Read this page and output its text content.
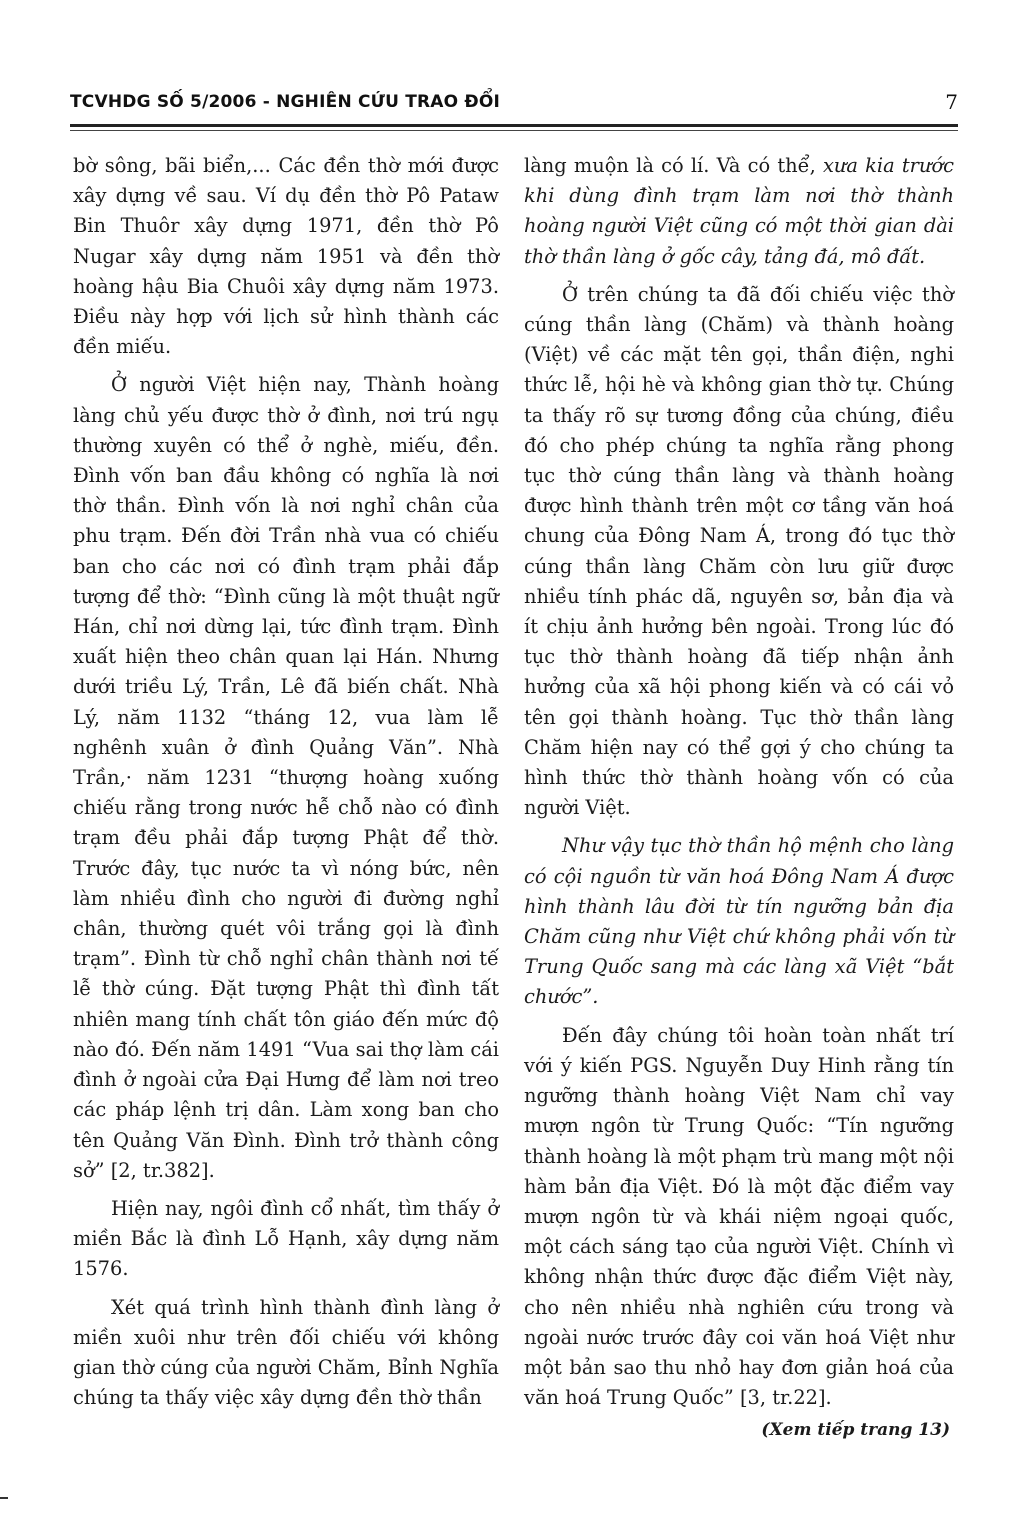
TCVHDG SỐ 5/2006 - NGHIÊN CỨU TRAO ĐỔI	7

bờ sông, bãi biển,... Các đền thờ mới được xây dựng về sau. Ví dụ đền thờ Pô Pataw Bin Thuôr xây dựng 1971, đền thờ Pô Nugar xây dựng năm 1951 và đền thờ hoàng hậu Bia Chuôi xây dựng năm 1973. Điều này hợp với lịch sử hình thành các đền miếu.

Ở người Việt hiện nay, Thành hoàng làng chủ yếu được thờ ở đình, nơi trú ngụ thường xuyên có thể ở nghè, miếu, đền. Đình vốn ban đầu không có nghĩa là nơi thờ thần. Đình vốn là nơi nghỉ chân của phu trạm. Đến đời Trần nhà vua có chiếu ban cho các nơi có đình trạm phải đắp tượng để thờ: “Đình cũng là một thuật ngữ Hán, chỉ nơi dừng lại, tức đình trạm. Đình xuất hiện theo chân quan lại Hán. Nhưng dưới triều Lý, Trần, Lê đã biến chất. Nhà Lý, năm 1132 “tháng 12, vua làm lễ nghênh xuân ở đình Quảng Văn”. Nhà Trần,· năm 1231 “thượng hoàng xuống chiếu rằng trong nước hễ chỗ nào có đình trạm đều phải đắp tượng Phật để thờ. Trước đây, tục nước ta vì nóng bức, nên làm nhiều đình cho người đi đường nghỉ chân, thường quét vôi trắng gọi là đình trạm”. Đình từ chỗ nghỉ chân thành nơi tế lễ thờ cúng. Đặt tượng Phật thì đình tất nhiên mang tính chất tôn giáo đến mức độ nào đó. Đến năm 1491 “Vua sai thợ làm cái đình ở ngoài cửa Đại Hưng để làm nơi treo các pháp lệnh trị dân. Làm xong ban cho tên Quảng Văn Đình. Đình trở thành công sở” [2, tr.382].

Hiện nay, ngôi đình cổ nhất, tìm thấy ở miền Bắc là đình Lỗ Hạnh, xây dựng năm 1576.

Xét quá trình hình thành đình làng ở miền xuôi như trên đối chiếu với không gian thờ cúng của người Chăm, Bỉnh Nghĩa chúng ta thấy việc xây dựng đền thờ thần

làng muộn là có lí. Và có thể, xưa kia trước khi dùng đình trạm làm nơi thờ thành hoàng người Việt cũng có một thời gian dài thờ thần làng ở gốc cây, tảng đá, mô đất.

Ở trên chúng ta đã đối chiếu việc thờ cúng thần làng (Chăm) và thành hoàng (Việt) về các mặt tên gọi, thần điện, nghi thức lễ, hội hè và không gian thờ tự. Chúng ta thấy rõ sự tương đồng của chúng, điều đó cho phép chúng ta nghĩa rằng phong tục thờ cúng thần làng và thành hoàng được hình thành trên một cơ tầng văn hoá chung của Đông Nam Á, trong đó tục thờ cúng thần làng Chăm còn lưu giữ được nhiều tính phác dã, nguyên sơ, bản địa và ít chịu ảnh hưởng bên ngoài. Trong lúc đó tục thờ thành hoàng đã tiếp nhận ảnh hưởng của xã hội phong kiến và có cái vỏ tên gọi thành hoàng. Tục thờ thần làng Chăm hiện nay có thể gợi ý cho chúng ta hình thức thờ thành hoàng vốn có của người Việt.

Như vậy tục thờ thần hộ mệnh cho làng có cội nguồn từ văn hoá Đông Nam Á được hình thành lâu đời từ tín ngưỡng bản địa Chăm cũng như Việt chứ không phải vốn từ Trung Quốc sang mà các làng xã Việt “bắt chước”.

Đến đây chúng tôi hoàn toàn nhất trí với ý kiến PGS. Nguyễn Duy Hinh rằng tín ngưỡng thành hoàng Việt Nam chỉ vay mượn ngôn từ Trung Quốc: “Tín ngưỡng thành hoàng là một phạm trù mang một nội hàm bản địa Việt. Đó là một đặc điểm vay mượn ngôn từ và khái niệm ngoại quốc, một cách sáng tạo của người Việt. Chính vì không nhận thức được đặc điểm Việt này, cho nên nhiều nhà nghiên cứu trong và ngoài nước trước đây coi văn hoá Việt như một bản sao thu nhỏ hay đơn giản hoá của văn hoá Trung Quốc” [3, tr.22].

(Xem tiếp trang 13)
